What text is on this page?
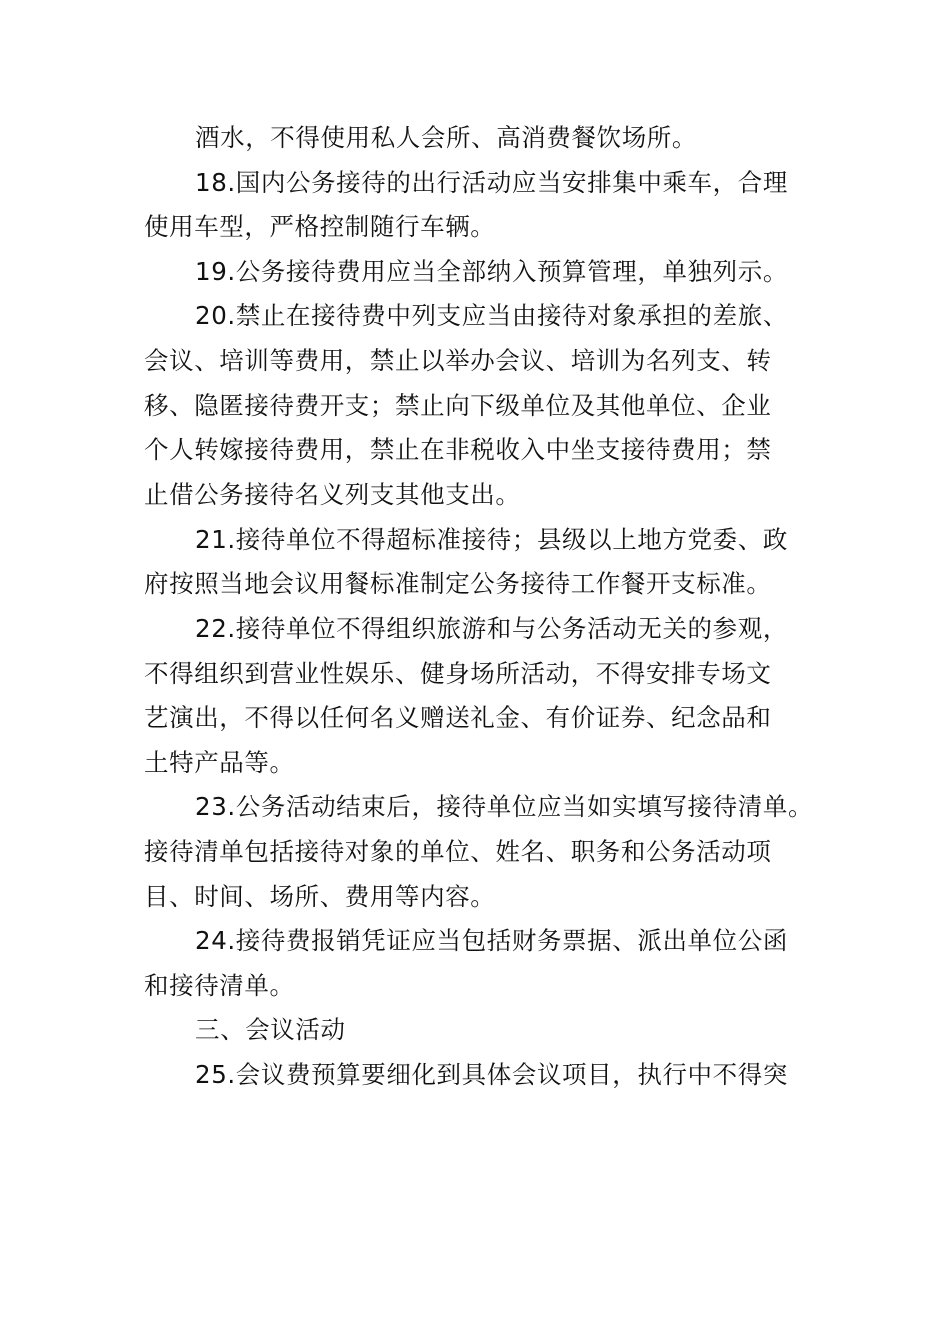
酒水，不得使用私人会所、高消费餐饮场所。
18.国内公务接待的出行活动应当安排集中乘车，合理
使用车型，严格控制随行车辆。
19.公务接待费用应当全部纳入预算管理，单独列示。
20.禁止在接待费中列支应当由接待对象承担的差旅、
会议、培训等费用，禁止以举办会议、培训为名列支、转
移、隐匿接待费开支；禁止向下级单位及其他单位、企业
个人转嫁接待费用，禁止在非税收入中坐支接待费用；禁
止借公务接待名义列支其他支出。
21.接待单位不得超标准接待；县级以上地方党委、政
府按照当地会议用餐标准制定公务接待工作餐开支标准。
22.接待单位不得组织旅游和与公务活动无关的参观，
不得组织到营业性娱乐、健身场所活动，不得安排专场文
艺演出，不得以任何名义赠送礼金、有价证券、纪念品和
土特产品等。
23.公务活动结束后，接待单位应当如实填写接待清单。
接待清单包括接待对象的单位、姓名、职务和公务活动项
目、时间、场所、费用等内容。
24.接待费报销凭证应当包括财务票据、派出单位公函
和接待清单。
三、会议活动
25.会议费预算要细化到具体会议项目，执行中不得突
